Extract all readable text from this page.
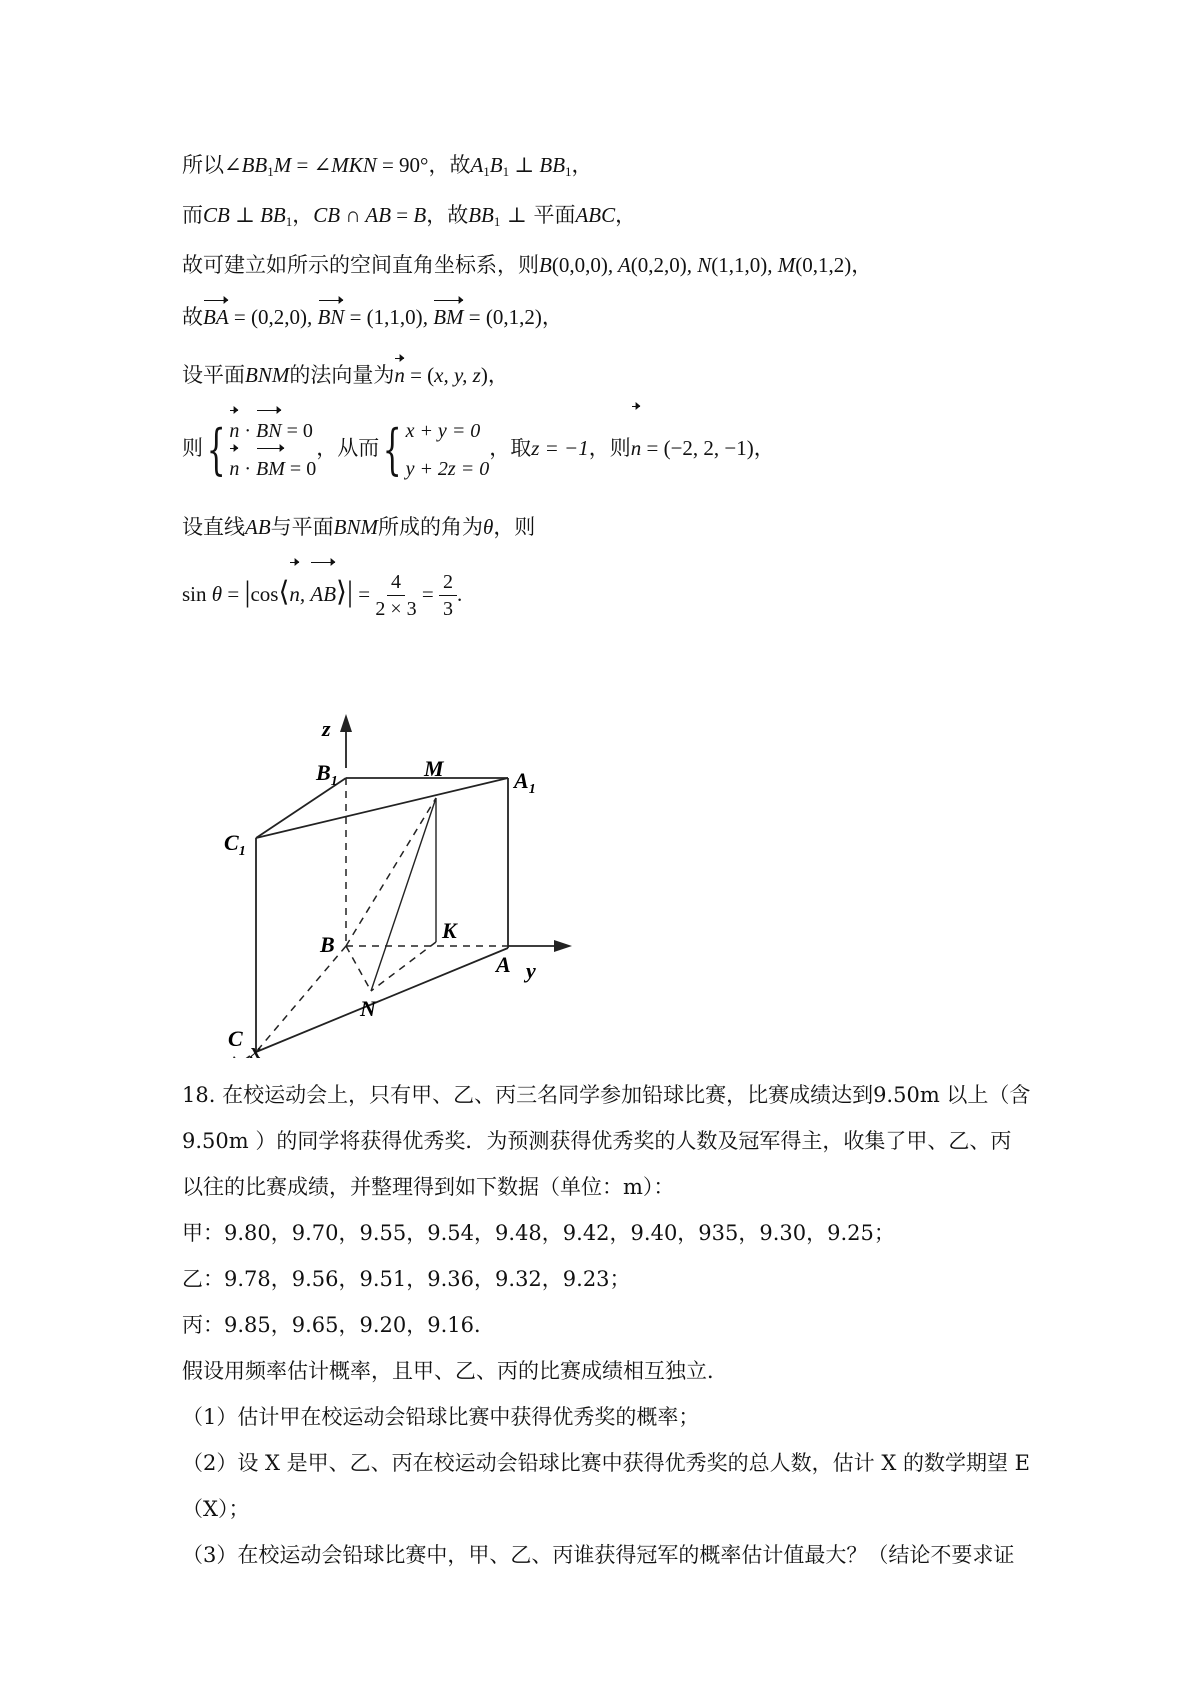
所以$\angle BB_1M$ = ∠MKN = 90°，故$A_1B_1$ ⊥ $BB_1$，
而CB ⊥ $BB_1$，CB ∩ AB = B，故$BB_1$ ⊥ 平面ABC，
故可建立如所示的空间直角坐标系，则B(0,0,0), A(0,2,0), N(1,1,0), M(0,1,2)，
故BA = (0,2,0), BN = (1,1,0), BM = (0,1,2)，
设平面BNM的法向量为n = (x, y, z)，
则 { n · BN = 0
n · BM = 0
，从而 { x + y = 0
y + 2z = 0
，取z = −1，则n = (−2, 2, −1)，
设直线AB与平面BNM所成的角为θ，则
sin θ = |cos⟨n, AB⟩| = $\frac{4}{2 \times 3} = \frac{2}{3}$ .
z
y
$B_1$
M	$A_1$
$C_1$
B
K
A
N
C x
18. 在校运动会上，只有甲、乙、丙三名同学参加铅球比赛，比赛成绩达到9.50m 以上（含
9.50m ）的同学将获得优秀奖．为预测获得优秀奖的人数及冠军得主，收集了甲、乙、丙
以往的比赛成绩，并整理得到如下数据（单位：m）：
甲：9.80，9.70，9.55，9.54，9.48，9.42，9.40，935，9.30，9.25；
乙：9.78，9.56，9.51，9.36，9.32，9.23；
丙：9.85，9.65，9.20，9.16．
假设用频率估计概率，且甲、乙、丙的比赛成绩相互独立．
（1）估计甲在校运动会铅球比赛中获得优秀奖的概率；
（2）设 X 是甲、乙、丙在校运动会铅球比赛中获得优秀奖的总人数，估计 X 的数学期望 E
（X）；
（3）在校运动会铅球比赛中，甲、乙、丙谁获得冠军的概率估计值最大？（结论不要求证
